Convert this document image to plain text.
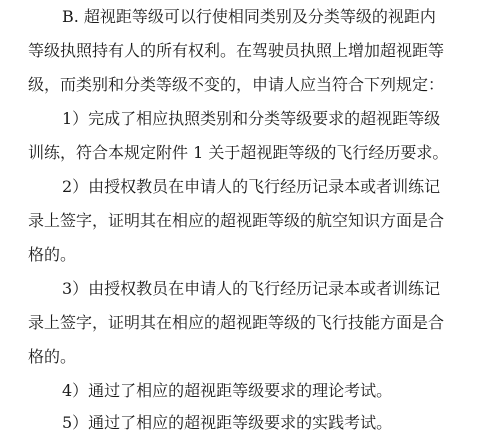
B. 超视距等级可以行使相同类别及分类等级的视距内
等级执照持有人的所有权利。在驾驶员执照上增加超视距等
级，而类别和分类等级不变的，申请人应当符合下列规定：
1）完成了相应执照类别和分类等级要求的超视距等级
训练，符合本规定附件 1 关于超视距等级的飞行经历要求。
2）由授权教员在申请人的飞行经历记录本或者训练记
录上签字，证明其在相应的超视距等级的航空知识方面是合
格的。
3）由授权教员在申请人的飞行经历记录本或者训练记
录上签字，证明其在相应的超视距等级的飞行技能方面是合
格的。
4）通过了相应的超视距等级要求的理论考试。
5）通过了相应的超视距等级要求的实践考试。
